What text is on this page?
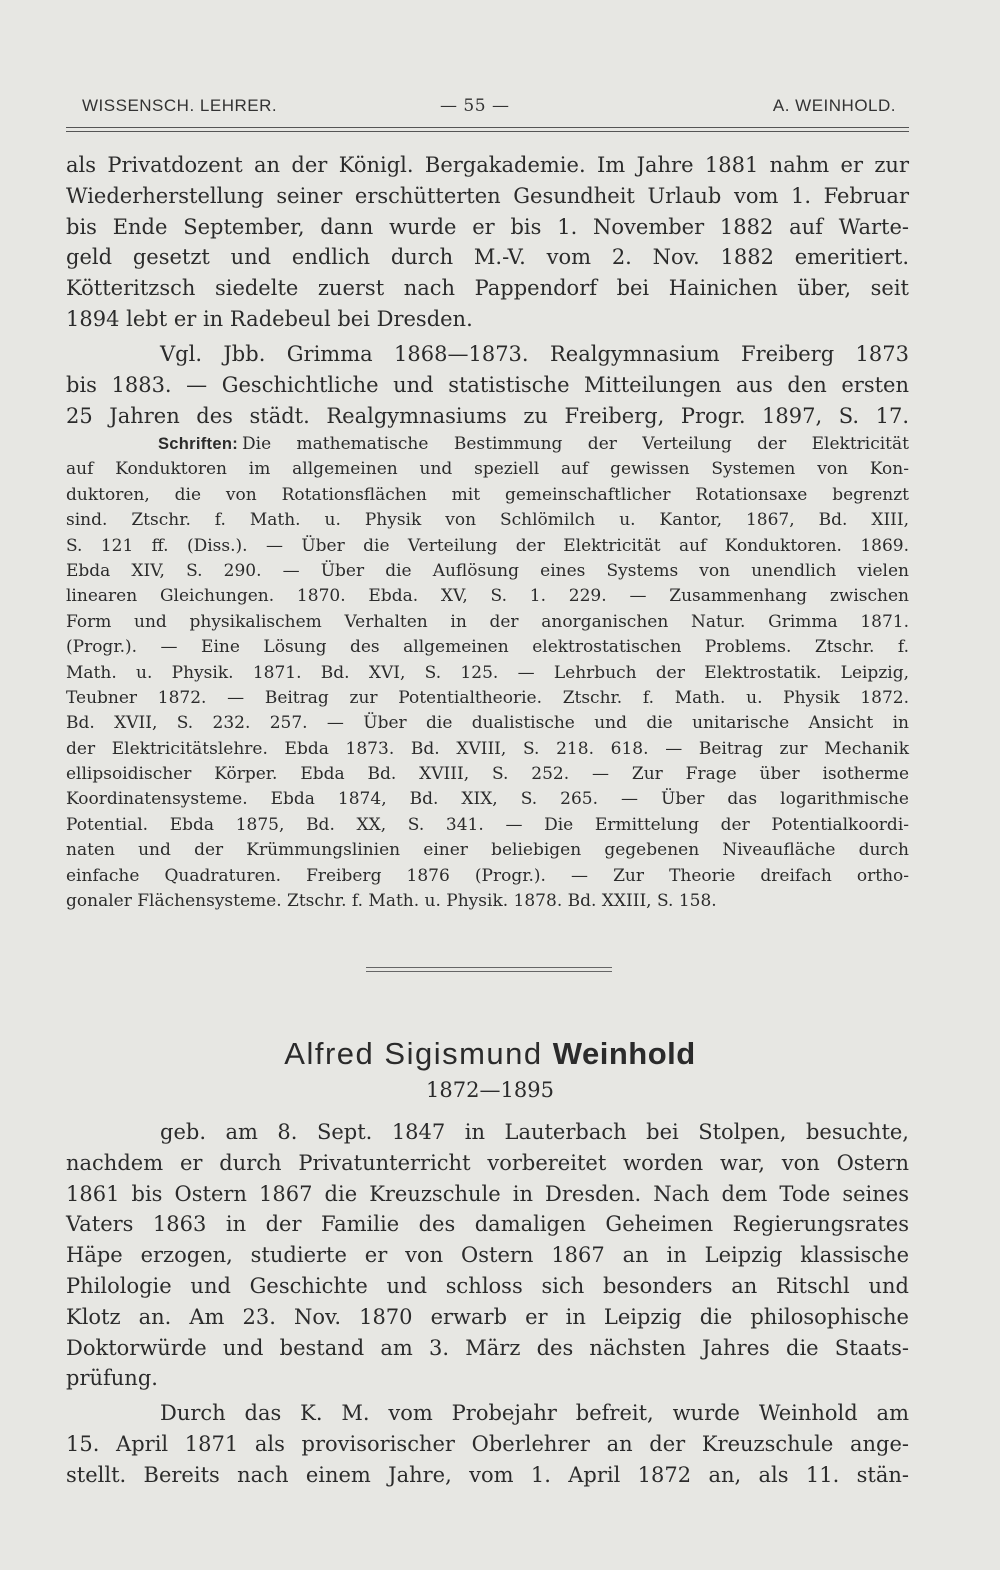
WISSENSCH. LEHRER.	— 55 —	A. WEINHOLD.
als Privatdozent an der Königl. Bergakademie. Im Jahre 1881 nahm er zur
Wiederherstellung seiner erschütterten Gesundheit Urlaub vom 1. Februar
bis Ende September, dann wurde er bis 1. November 1882 auf Warte-
geld gesetzt und endlich durch M.-V. vom 2. Nov. 1882 emeritiert.
Kötteritzsch siedelte zuerst nach Pappendorf bei Hainichen über, seit
1894 lebt er in Radebeul bei Dresden.
Vgl. Jbb. Grimma 1868—1873. Realgymnasium Freiberg 1873
bis 1883. — Geschichtliche und statistische Mitteilungen aus den ersten
25 Jahren des städt. Realgymnasiums zu Freiberg, Progr. 1897, S. 17.
Schriften: Die mathematische Bestimmung der Verteilung der Elektricität
auf Konduktoren im allgemeinen und speziell auf gewissen Systemen von Kon-
duktoren, die von Rotationsflächen mit gemeinschaftlicher Rotationsaxe begrenzt
sind. Ztschr. f. Math. u. Physik von Schlömilch u. Kantor, 1867, Bd. XIII,
S. 121 ff. (Diss.). — Über die Verteilung der Elektricität auf Konduktoren. 1869.
Ebda XIV, S. 290. — Über die Auflösung eines Systems von unendlich vielen
linearen Gleichungen. 1870. Ebda. XV, S. 1. 229. — Zusammenhang zwischen
Form und physikalischem Verhalten in der anorganischen Natur. Grimma 1871.
(Progr.). — Eine Lösung des allgemeinen elektrostatischen Problems. Ztschr. f.
Math. u. Physik. 1871. Bd. XVI, S. 125. — Lehrbuch der Elektrostatik. Leipzig,
Teubner 1872. — Beitrag zur Potentialtheorie. Ztschr. f. Math. u. Physik 1872.
Bd. XVII, S. 232. 257. — Über die dualistische und die unitarische Ansicht in
der Elektricitätslehre. Ebda 1873. Bd. XVIII, S. 218. 618. — Beitrag zur Mechanik
ellipsoidischer Körper. Ebda Bd. XVIII, S. 252. — Zur Frage über isotherme
Koordinatensysteme. Ebda 1874, Bd. XIX, S. 265. — Über das logarithmische
Potential. Ebda 1875, Bd. XX, S. 341. — Die Ermittelung der Potentialkoordi-
naten und der Krümmungslinien einer beliebigen gegebenen Niveaufläche durch
einfache Quadraturen. Freiberg 1876 (Progr.). — Zur Theorie dreifach ortho-
gonaler Flächensysteme. Ztschr. f. Math. u. Physik. 1878. Bd. XXIII, S. 158.
Alfred Sigismund Weinhold
1872—1895
geb. am 8. Sept. 1847 in Lauterbach bei Stolpen, besuchte,
nachdem er durch Privatunterricht vorbereitet worden war, von Ostern
1861 bis Ostern 1867 die Kreuzschule in Dresden. Nach dem Tode seines
Vaters 1863 in der Familie des damaligen Geheimen Regierungsrates
Häpe erzogen, studierte er von Ostern 1867 an in Leipzig klassische
Philologie und Geschichte und schloss sich besonders an Ritschl und
Klotz an. Am 23. Nov. 1870 erwarb er in Leipzig die philosophische
Doktorwürde und bestand am 3. März des nächsten Jahres die Staats-
prüfung.
Durch das K. M. vom Probejahr befreit, wurde Weinhold am
15. April 1871 als provisorischer Oberlehrer an der Kreuzschule ange-
stellt. Bereits nach einem Jahre, vom 1. April 1872 an, als 11. stän-
